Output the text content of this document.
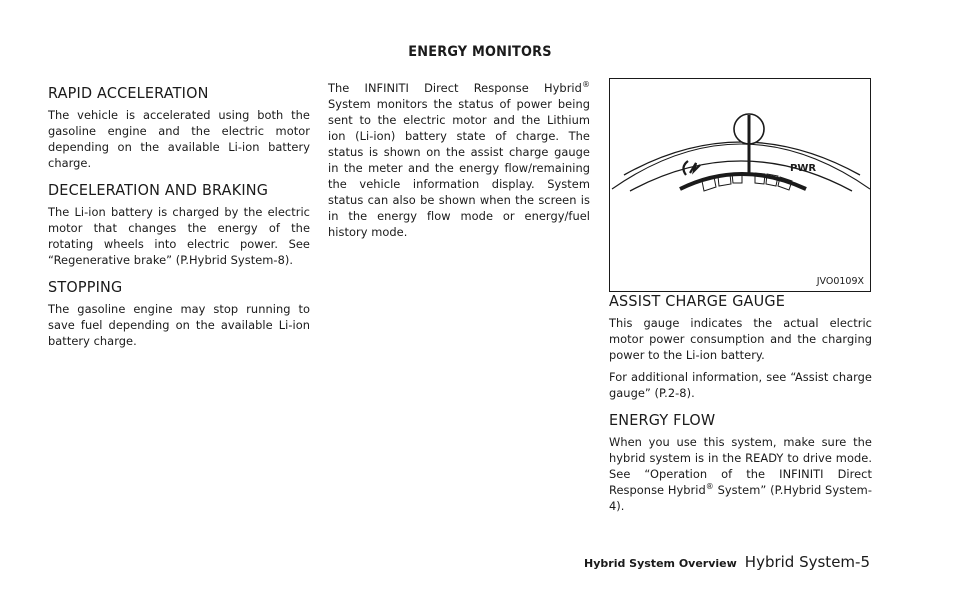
ENERGY MONITORS
RAPID ACCELERATION

The vehicle is accelerated using both the gasoline engine and the electric motor depending on the available Li-ion battery charge.

DECELERATION AND BRAKING

The Li-ion battery is charged by the electric motor that changes the energy of the rotating wheels into electric power. See “Regenerative brake” (P.Hybrid System-8).

STOPPING

The gasoline engine may stop running to save fuel depending on the available Li-ion battery charge.

The INFINITI Direct Response Hybrid® System monitors the status of power being sent to the electric motor and the Lithium ion (Li-ion) battery state of charge. The status is shown on the assist charge gauge in the meter and the energy flow/remaining the vehicle information display. System status can also be shown when the screen is in the energy flow mode or energy/fuel history mode.

PWR
JVO0109X
ASSIST CHARGE GAUGE

This gauge indicates the actual electric motor power consumption and the charging power to the Li-ion battery.

For additional information, see “Assist charge gauge” (P.2-8).

ENERGY FLOW

When you use this system, make sure the hybrid system is in the READY to drive mode. See “Operation of the INFINITI Direct Response Hybrid® System” (P.Hybrid System-4).

Hybrid System Overview Hybrid System-5
